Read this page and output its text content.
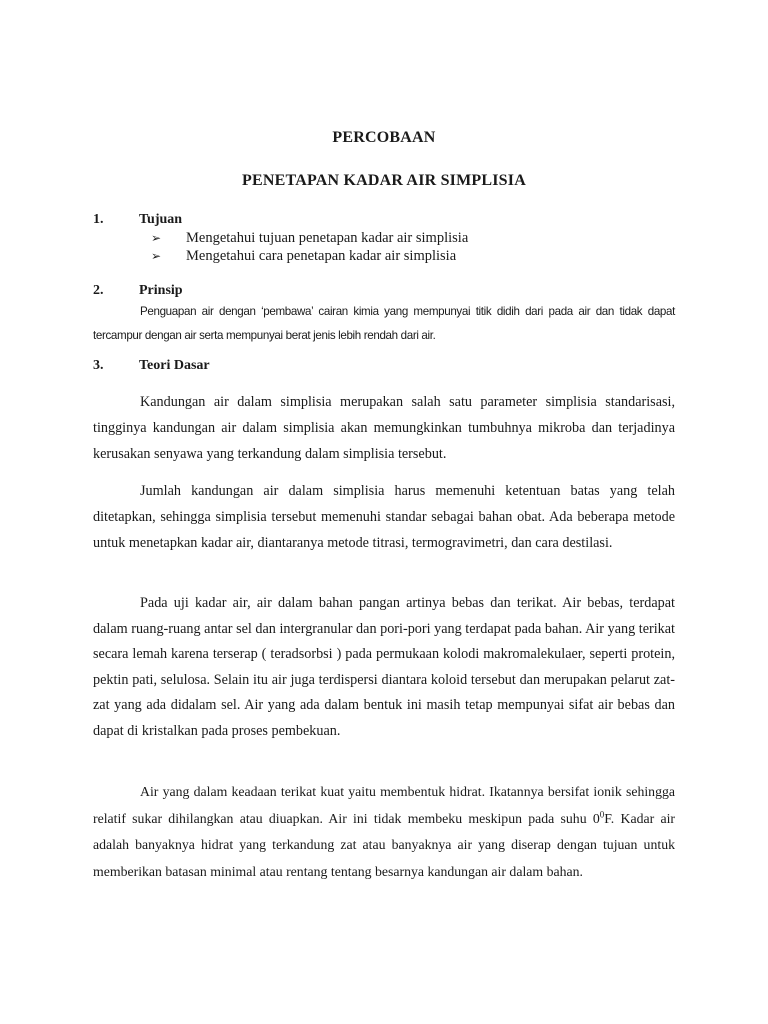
PERCOBAAN
PENETAPAN KADAR AIR SIMPLISIA
1.	Tujuan
➢ Mengetahui tujuan penetapan kadar air simplisia
➢ Mengetahui cara penetapan kadar air simplisia
2.	Prinsip

Penguapan air dengan ‘pembawa’ cairan kimia yang mempunyai titik didih dari pada air dan tidak dapat tercampur dengan air serta mempunyai berat jenis lebih rendah dari air.

3.	Teori Dasar

Kandungan air dalam simplisia merupakan salah satu parameter simplisia standarisasi, tingginya kandungan air dalam simplisia akan memungkinkan tumbuhnya mikroba dan terjadinya kerusakan senyawa yang terkandung dalam simplisia tersebut.

Jumlah kandungan air dalam simplisia harus memenuhi ketentuan batas yang telah ditetapkan, sehingga simplisia tersebut memenuhi standar sebagai bahan obat. Ada beberapa metode untuk menetapkan kadar air, diantaranya metode titrasi, termogravimetri, dan cara destilasi.

Pada uji kadar air, air dalam bahan pangan artinya bebas dan terikat. Air bebas, terdapat dalam ruang-ruang antar sel dan intergranular dan pori-pori yang terdapat pada bahan. Air yang terikat secara lemah karena terserap ( teradsorbsi ) pada permukaan kolodi makromalekulaer, seperti protein, pektin pati, selulosa. Selain itu air juga terdispersi diantara koloid tersebut dan merupakan pelarut zat-zat yang ada didalam sel. Air yang ada dalam bentuk ini masih tetap mempunyai sifat air bebas dan dapat di kristalkan pada proses pembekuan.

Air yang dalam keadaan terikat kuat yaitu membentuk hidrat. Ikatannya bersifat ionik sehingga relatif sukar dihilangkan atau diuapkan. Air ini tidak membeku meskipun pada suhu $0^0F$. Kadar air adalah banyaknya hidrat yang terkandung zat atau banyaknya air yang diserap dengan tujuan untuk memberikan batasan minimal atau rentang tentang besarnya kandungan air dalam bahan.
